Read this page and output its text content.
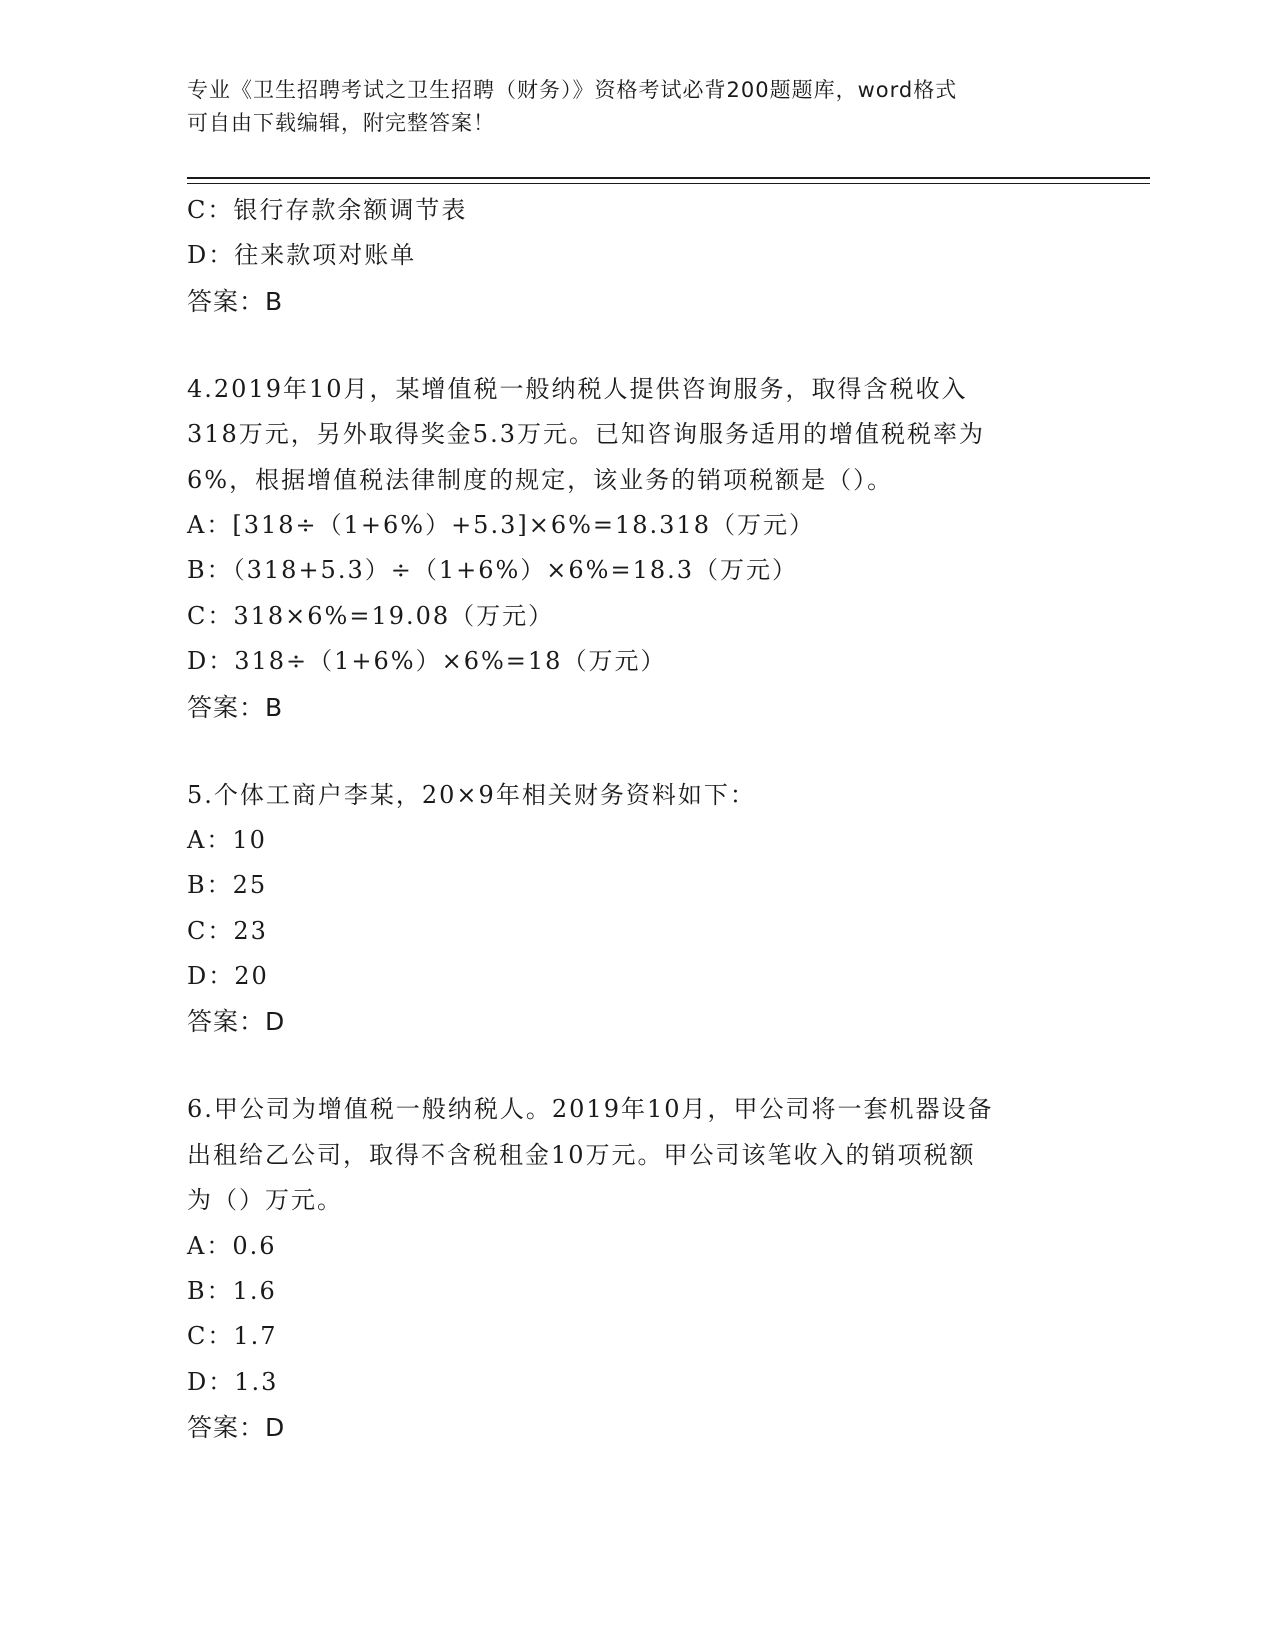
专业《卫生招聘考试之卫生招聘（财务）》资格考试必背200题题库，word格式
可自由下载编辑，附完整答案！
C：银行存款余额调节表
D：往来款项对账单
答案：B
4.2019年10月，某增值税一般纳税人提供咨询服务，取得含税收入
318万元，另外取得奖金5.3万元。已知咨询服务适用的增值税税率为
6%，根据增值税法律制度的规定，该业务的销项税额是（）。
A：[318÷（1+6%）+5.3]×6%=18.318（万元）
B：（318+5.3）÷（1+6%）×6%=18.3（万元）
C：318×6%=19.08（万元）
D：318÷（1+6%）×6%=18（万元）
答案：B
5.个体工商户李某，20×9年相关财务资料如下：
A：10
B：25
C：23
D：20
答案：D
6.甲公司为增值税一般纳税人。2019年10月，甲公司将一套机器设备
出租给乙公司，取得不含税租金10万元。甲公司该笔收入的销项税额
为（）万元。
A：0.6
B：1.6
C：1.7
D：1.3
答案：D
